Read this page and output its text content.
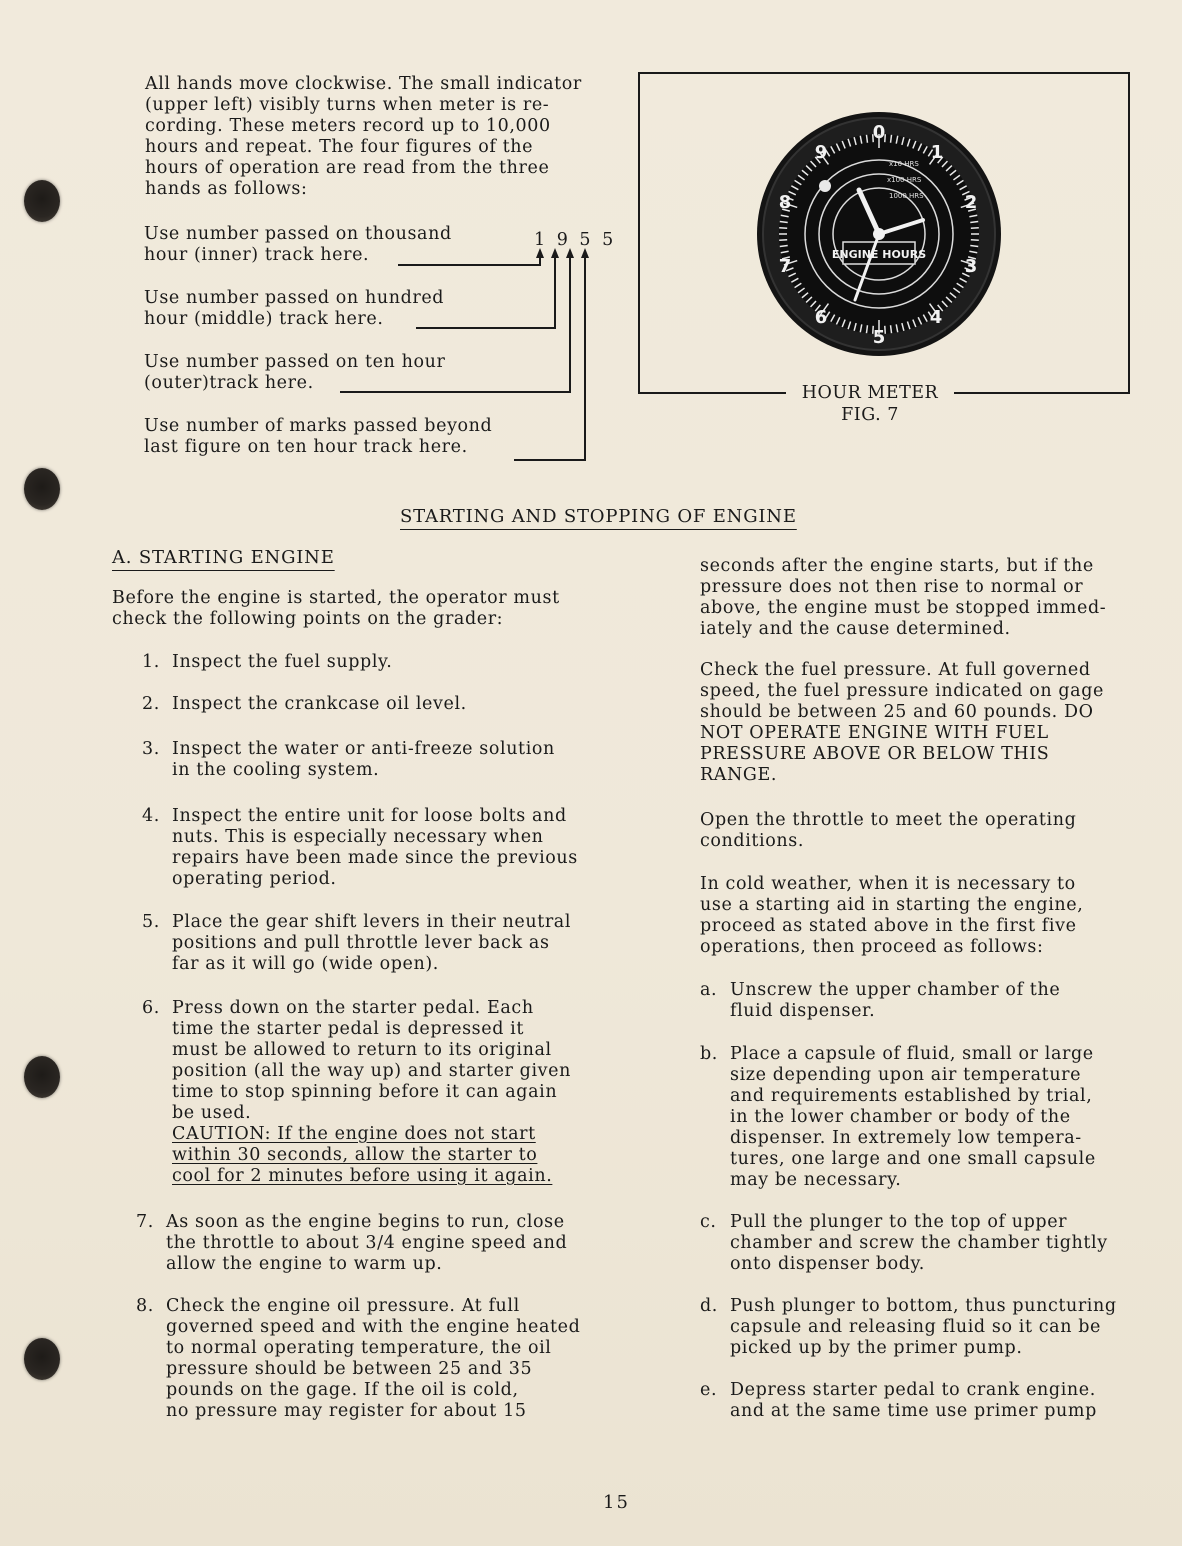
All hands move clockwise. The small indicator

(upper left) visibly turns when meter is re-

cording. These meters record up to 10,000

hours and repeat. The four figures of the

hours of operation are read from the three

hands as follows:

Use number passed on thousand
hour (inner) track here.
1 9 5 5
Use number passed on hundred
hour (middle) track here.
Use number passed on ten hour
(outer)track here.
Use number of marks passed beyond
last figure on ten hour track here.
HOUR METER
FIG. 7
ENGINE HOURS
x10 HRS
x100 HRS
1000 HRS
0
1
2
3
4
5
6
7
8
9
STARTING AND STOPPING OF ENGINE
A. STARTING ENGINE

Before the engine is started, the operator must

check the following points on the grader:

1. Inspect the fuel supply.

2. Inspect the crankcase oil level.

3. Inspect the water or anti-freeze solution

in the cooling system.

4. Inspect the entire unit for loose bolts and

nuts. This is especially necessary when

repairs have been made since the previous

operating period.

5. Place the gear shift levers in their neutral

positions and pull throttle lever back as

far as it will go (wide open).

6. Press down on the starter pedal. Each

time the starter pedal is depressed it

must be allowed to return to its original

position (all the way up) and starter given

time to stop spinning before it can again

be used.

CAUTION: If the engine does not start

within 30 seconds, allow the starter to

cool for 2 minutes before using it again.

7. As soon as the engine begins to run, close

the throttle to about 3/4 engine speed and

allow the engine to warm up.

8. Check the engine oil pressure. At full

governed speed and with the engine heated

to normal operating temperature, the oil

pressure should be between 25 and 35

pounds on the gage. If the oil is cold,

no pressure may register for about 15

seconds after the engine starts, but if the

pressure does not then rise to normal or

above, the engine must be stopped immed-

iately and the cause determined.

Check the fuel pressure. At full governed

speed, the fuel pressure indicated on gage

should be between 25 and 60 pounds. DO

NOT OPERATE ENGINE WITH FUEL

PRESSURE ABOVE OR BELOW THIS

RANGE.

Open the throttle to meet the operating

conditions.

In cold weather, when it is necessary to

use a starting aid in starting the engine,

proceed as stated above in the first five

operations, then proceed as follows:

a. Unscrew the upper chamber of the

fluid dispenser.

b. Place a capsule of fluid, small or large

size depending upon air temperature

and requirements established by trial,

in the lower chamber or body of the

dispenser. In extremely low tempera-

tures, one large and one small capsule

may be necessary.

c. Pull the plunger to the top of upper

chamber and screw the chamber tightly

onto dispenser body.

d. Push plunger to bottom, thus puncturing

capsule and releasing fluid so it can be

picked up by the primer pump.

e. Depress starter pedal to crank engine.

and at the same time use primer pump

15
